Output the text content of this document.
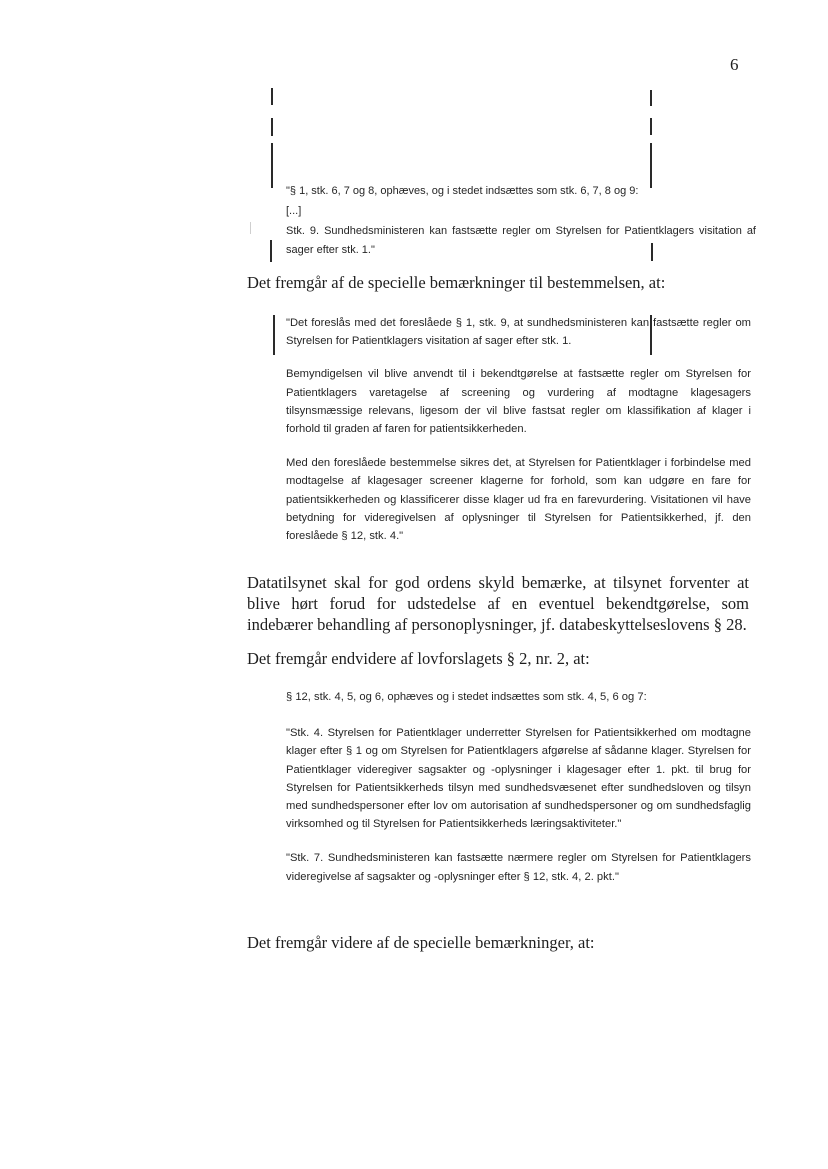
6
"§ 1, stk. 6, 7 og 8, ophæves, og i stedet indsættes som stk. 6, 7, 8 og 9:
[...]
Stk. 9. Sundhedsministeren kan fastsætte regler om Styrelsen for Patientklagers visitation af sager efter stk. 1."

Det fremgår af de specielle bemærkninger til bestemmelsen, at:

"Det foreslås med det foreslåede § 1, stk. 9, at sundhedsministeren kan fastsætte regler om Styrelsen for Patientklagers visitation af sager efter stk. 1.

Bemyndigelsen vil blive anvendt til i bekendtgørelse at fastsætte regler om Styrelsen for Patientklagers varetagelse af screening og vurdering af modtagne klagesagers tilsynsmæssige relevans, ligesom der vil blive fastsat regler om klassifikation af klager i forhold til graden af faren for patientsikkerheden.

Med den foreslåede bestemmelse sikres det, at Styrelsen for Patientklager i forbindelse med modtagelse af klagesager screener klagerne for forhold, som kan udgøre en fare for patientsikkerheden og klassificerer disse klager ud fra en farevurdering. Visitationen vil have betydning for videregivelsen af oplysninger til Styrelsen for Patientsikkerhed, jf. den foreslåede § 12, stk. 4."

Datatilsynet skal for god ordens skyld bemærke, at tilsynet forventer at blive hørt forud for udstedelse af en eventuel bekendtgørelse, som indebærer behandling af personoplysninger, jf. databeskyttelseslovens § 28.

Det fremgår endvidere af lovforslagets § 2, nr. 2, at:

§ 12, stk. 4, 5, og 6, ophæves og i stedet indsættes som stk. 4, 5, 6 og 7:

"Stk. 4. Styrelsen for Patientklager underretter Styrelsen for Patientsikkerhed om modtagne klager efter § 1 og om Styrelsen for Patientklagers afgørelse af sådanne klager. Styrelsen for Patientklager videregiver sagsakter og -oplysninger i klagesager efter 1. pkt. til brug for Styrelsen for Patientsikkerheds tilsyn med sundhedsvæsenet efter sundhedsloven og tilsyn med sundhedspersoner efter lov om autorisation af sundhedspersoner og om sundhedsfaglig virksomhed og til Styrelsen for Patientsikkerheds læringsaktiviteter."

"Stk. 7. Sundhedsministeren kan fastsætte nærmere regler om Styrelsen for Patientklagers videregivelse af sagsakter og -oplysninger efter § 12, stk. 4, 2. pkt."

Det fremgår videre af de specielle bemærkninger, at:
